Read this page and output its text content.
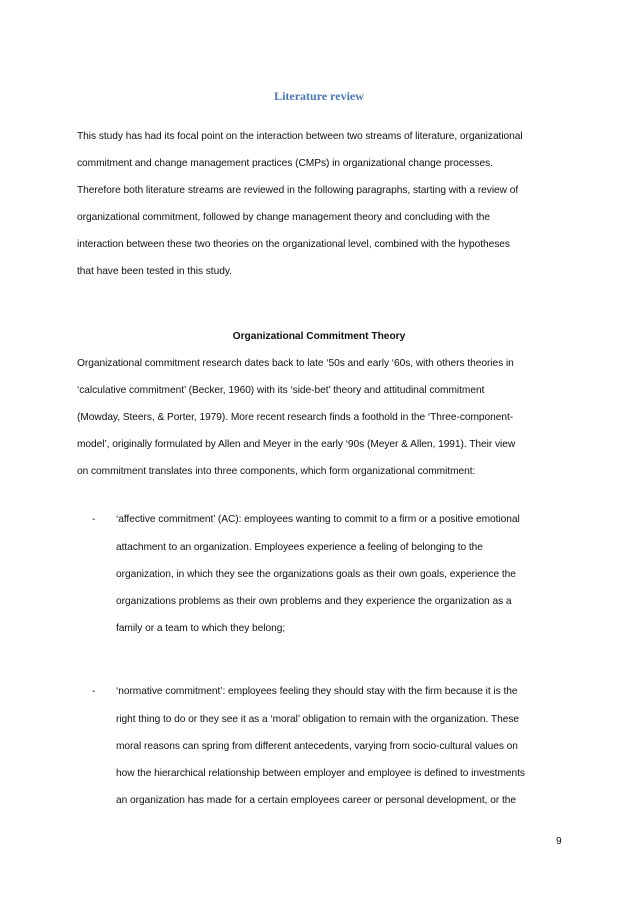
Literature review
This study has had its focal point on the interaction between two streams of literature, organizational
commitment and change management practices (CMPs) in organizational change processes.
Therefore both literature streams are reviewed in the following paragraphs, starting with a review of
organizational commitment, followed by change management theory and concluding with the
interaction between these two theories on the organizational level, combined with the hypotheses
that have been tested in this study.
Organizational Commitment Theory
Organizational commitment research dates back to late ‘50s and early ‘60s, with others theories in
‘calculative commitment’ (Becker, 1960) with its ‘side-bet’ theory and attitudinal commitment
(Mowday, Steers, & Porter, 1979). More recent research finds a foothold in the ‘Three-component-
model’, originally formulated by Allen and Meyer in the early ‘90s (Meyer & Allen, 1991). Their view
on commitment translates into three components, which form organizational commitment:
- ‘affective commitment’ (AC): employees wanting to commit to a firm or a positive emotional
attachment to an organization. Employees experience a feeling of belonging to the
organization, in which they see the organizations goals as their own goals, experience the
organizations problems as their own problems and they experience the organization as a
family or a team to which they belong;
- ‘normative commitment’: employees feeling they should stay with the firm because it is the
right thing to do or they see it as a ‘moral’ obligation to remain with the organization. These
moral reasons can spring from different antecedents, varying from socio-cultural values on
how the hierarchical relationship between employer and employee is defined to investments
an organization has made for a certain employees career or personal development, or the
9
